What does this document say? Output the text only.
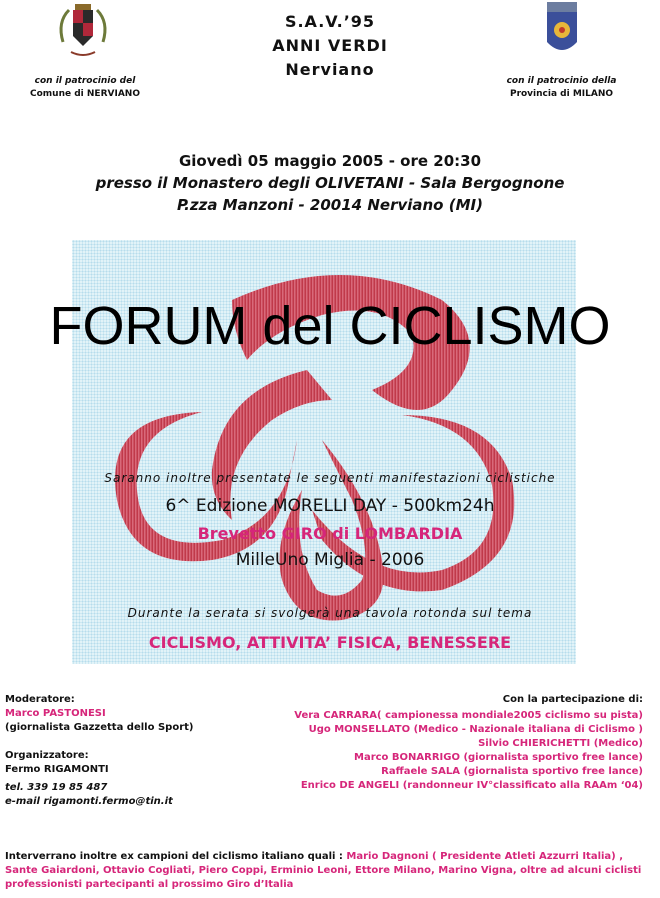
con il patrocinio del
Comune di NERVIANO
S.A.V.’95
ANNI VERDI
Nerviano
con il patrocinio della
Provincia di MILANO
Giovedì 05 maggio 2005 - ore 20:30
presso il Monastero degli OLIVETANI - Sala Bergognone
P.zza Manzoni - 20014 Nerviano (MI)
FORUM del CICLISMO
Saranno inoltre presentate le seguenti manifestazioni ciclistiche
6^ Edizione MORELLI DAY - 500km24h
Brevetto GIRO di LOMBARDIA
MilleUno Miglia - 2006
Durante la serata si svolgerà una tavola rotonda sul tema
CICLISMO, ATTIVITA’ FISICA, BENESSERE
Moderatore:
Marco PASTONESI
(giornalista Gazzetta dello Sport)
Organizzatore:
Fermo RIGAMONTI
tel. 339 19 85 487
e-mail rigamonti.fermo@tin.it
Con la partecipazione di:
Vera CARRARA( campionessa mondiale2005 ciclismo su pista)
Ugo MONSELLATO (Medico - Nazionale italiana di Ciclismo )
Silvio CHIERICHETTI (Medico)
Marco BONARRIGO (giornalista sportivo free lance)
Raffaele SALA (giornalista sportivo free lance)
Enrico DE ANGELI (randonneur IV°classificato alla RAAm ‘04)
Interverrano inoltre ex campioni del ciclismo italiano quali : Mario Dagnoni ( Presidente Atleti Azzurri Italia) ,
Sante Gaiardoni, Ottavio Cogliati, Piero Coppi, Erminio Leoni, Ettore Milano, Marino Vigna, oltre ad alcuni ciclisti
professionisti partecipanti al prossimo Giro d’Italia
